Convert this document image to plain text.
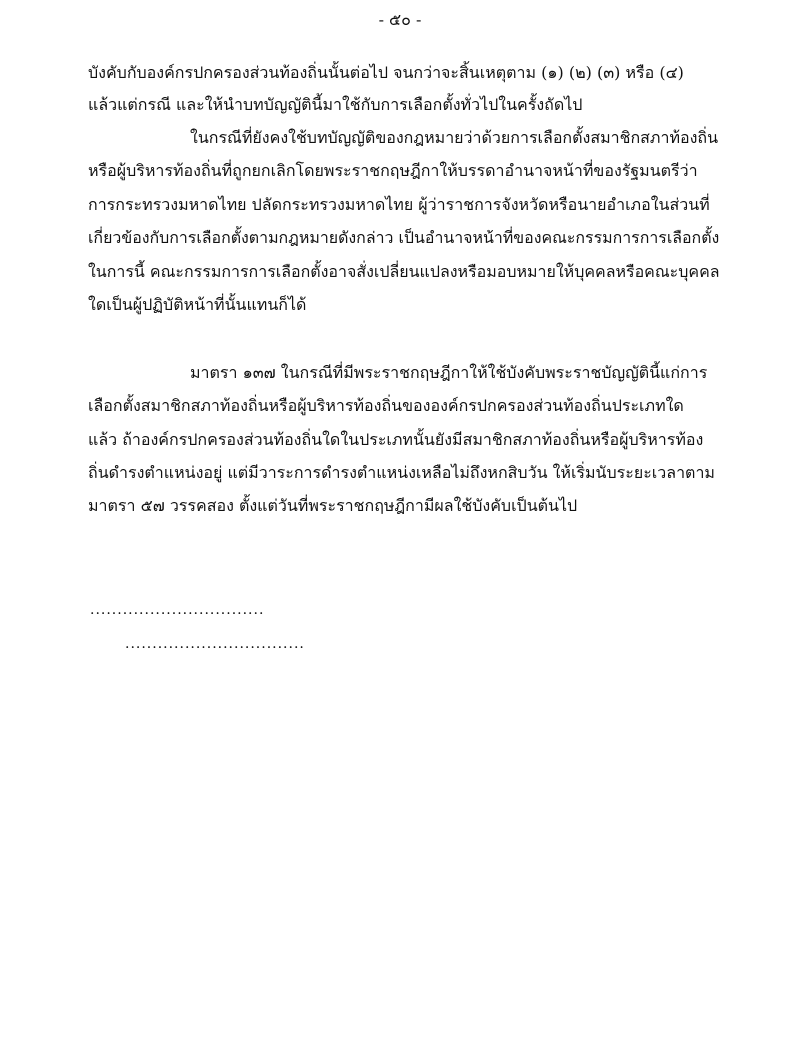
- ๕๐ -
บังคับกับองค์กรปกครองส่วนท้องถิ่นนั้นต่อไป จนกว่าจะสิ้นเหตุตาม (๑) (๒) (๓) หรือ (๔)
แล้วแต่กรณี และให้นำบทบัญญัตินี้มาใช้กับการเลือกตั้งทั่วไปในครั้งถัดไป
ในกรณีที่ยังคงใช้บทบัญญัติของกฎหมายว่าด้วยการเลือกตั้งสมาชิกสภาท้องถิ่น
หรือผู้บริหารท้องถิ่นที่ถูกยกเลิกโดยพระราชกฤษฎีกาให้บรรดาอำนาจหน้าที่ของรัฐมนตรีว่า
การกระทรวงมหาดไทย ปลัดกระทรวงมหาดไทย ผู้ว่าราชการจังหวัดหรือนายอำเภอในส่วนที่
เกี่ยวข้องกับการเลือกตั้งตามกฎหมายดังกล่าว เป็นอำนาจหน้าที่ของคณะกรรมการการเลือกตั้ง
ในการนี้ คณะกรรมการการเลือกตั้งอาจสั่งเปลี่ยนแปลงหรือมอบหมายให้บุคคลหรือคณะบุคคล
ใดเป็นผู้ปฏิบัติหน้าที่นั้นแทนก็ได้
มาตรา ๑๓๗ ในกรณีที่มีพระราชกฤษฎีกาให้ใช้บังคับพระราชบัญญัตินี้แก่การ
เลือกตั้งสมาชิกสภาท้องถิ่นหรือผู้บริหารท้องถิ่นขององค์กรปกครองส่วนท้องถิ่นประเภทใด
แล้ว ถ้าองค์กรปกครองส่วนท้องถิ่นใดในประเภทนั้นยังมีสมาชิกสภาท้องถิ่นหรือผู้บริหารท้อง
ถิ่นดำรงตำแหน่งอยู่ แต่มีวาระการดำรงตำแหน่งเหลือไม่ถึงหกสิบวัน ให้เริ่มนับระยะเวลาตาม
มาตรา ๕๗ วรรคสอง ตั้งแต่วันที่พระราชกฤษฎีกามีผลใช้บังคับเป็นต้นไป
................................
.................................
